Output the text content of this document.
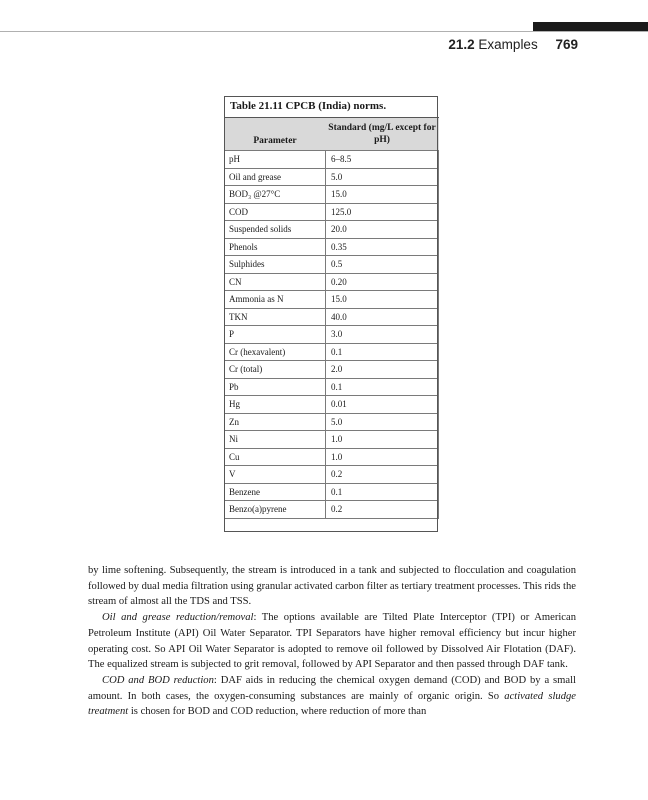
21.2 Examples 769
Table 21.11 CPCB (India) norms.
Parameter	Standard (mg/L except for pH)
pH	6–8.5
Oil and grease	5.0
BOD₃ @27°C	15.0
COD	125.0
Suspended solids	20.0
Phenols	0.35
Sulphides	0.5
CN	0.20
Ammonia as N	15.0
TKN	40.0
P	3.0
Cr (hexavalent)	0.1
Cr (total)	2.0
Pb	0.1
Hg	0.01
Zn	5.0
Ni	1.0
Cu	1.0
V	0.2
Benzene	0.1
Benzo(a)pyrene	0.2

by lime softening. Subsequently, the stream is introduced in a tank and subjected to flocculation and coagulation followed by dual media filtration using granular activated carbon filter as tertiary treatment processes. This rids the stream of almost all the TDS and TSS.

Oil and grease reduction/removal: The options available are Tilted Plate Interceptor (TPI) or American Petroleum Institute (API) Oil Water Separator. TPI Separators have higher removal efficiency but incur higher operating cost. So API Oil Water Separator is adopted to remove oil followed by Dissolved Air Flotation (DAF). The equalized stream is subjected to grit removal, followed by API Separator and then passed through DAF tank.

COD and BOD reduction: DAF aids in reducing the chemical oxygen demand (COD) and BOD by a small amount. In both cases, the oxygen-consuming substances are mainly of organic origin. So activated sludge treatment is chosen for BOD and COD reduction, where reduction of more than
